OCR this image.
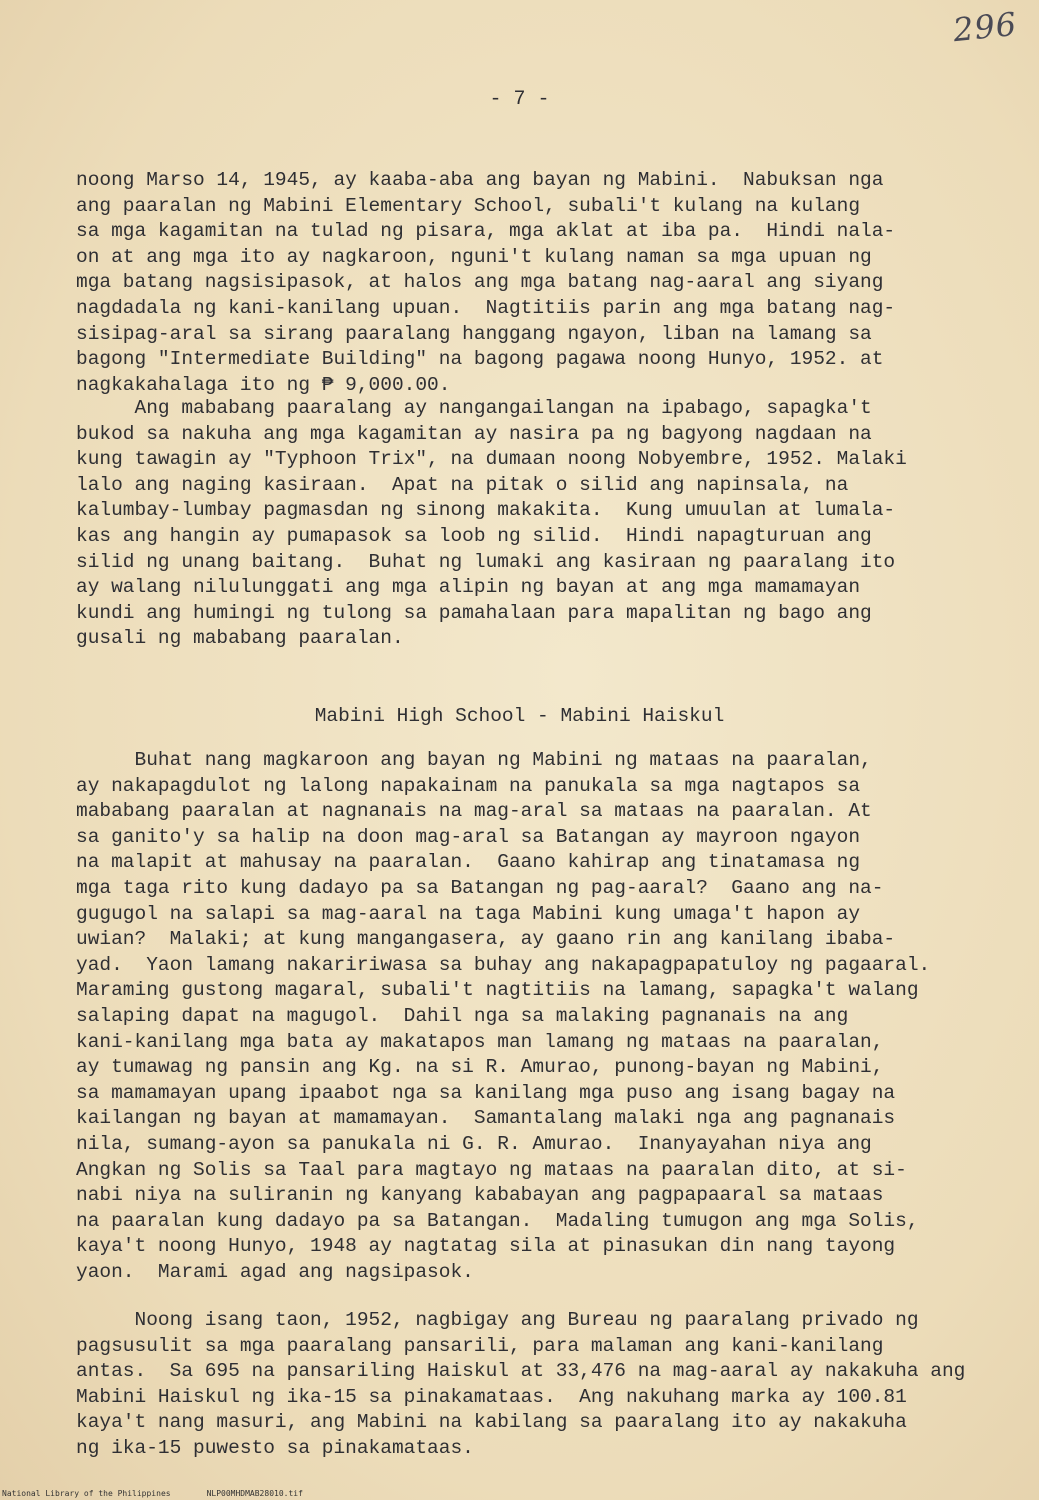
296
- 7 -

noong Marso 14, 1945, ay kaaba-aba ang bayan ng Mabini.  Nabuksan nga
ang paaralan ng Mabini Elementary School, subali't kulang na kulang
sa mga kagamitan na tulad ng pisara, mga aklat at iba pa.  Hindi nala-
on at ang mga ito ay nagkaroon, nguni't kulang naman sa mga upuan ng
mga batang nagsisipasok, at halos ang mga batang nag-aaral ang siyang
nagdadala ng kani-kanilang upuan.  Nagtitiis parin ang mga batang nag-
sisipag-aral sa sirang paaralang hanggang ngayon, liban na lamang sa
bagong "Intermediate Building" na bagong pagawa noong Hunyo, 1952. at
nagkakahalaga ito ng ₱ 9,000.00.

Ang mababang paaralang ay nangangailangan na ipabago, sapagka't
bukod sa nakuha ang mga kagamitan ay nasira pa ng bagyong nagdaan na
kung tawagin ay "Typhoon Trix", na dumaan noong Nobyembre, 1952. Malaki
lalo ang naging kasiraan.  Apat na pitak o silid ang napinsala, na
kalumbay-lumbay pagmasdan ng sinong makakita.  Kung umuulan at lumala-
kas ang hangin ay pumapasok sa loob ng silid.  Hindi napagturuan ang
silid ng unang baitang.  Buhat ng lumaki ang kasiraan ng paaralang ito
ay walang nilulunggati ang mga alipin ng bayan at ang mga mamamayan
kundi ang humingi ng tulong sa pamahalaan para mapalitan ng bago ang
gusali ng mababang paaralan.

Mabini High School - Mabini Haiskul

Buhat nang magkaroon ang bayan ng Mabini ng mataas na paaralan,
ay nakapagdulot ng lalong napakainam na panukala sa mga nagtapos sa
mababang paaralan at nagnanais na mag-aral sa mataas na paaralan. At
sa ganito'y sa halip na doon mag-aral sa Batangan ay mayroon ngayon
na malapit at mahusay na paaralan.  Gaano kahirap ang tinatamasa ng
mga taga rito kung dadayo pa sa Batangan ng pag-aaral?  Gaano ang na-
gugugol na salapi sa mag-aaral na taga Mabini kung umaga't hapon ay
uwian?  Malaki; at kung mangangasera, ay gaano rin ang kanilang ibaba-
yad.  Yaon lamang nakaririwasa sa buhay ang nakapagpapatuloy ng pagaaral.
Maraming gustong magaral, subali't nagtitiis na lamang, sapagka't walang
salaping dapat na magugol.  Dahil nga sa malaking pagnanais na ang
kani-kanilang mga bata ay makatapos man lamang ng mataas na paaralan,
ay tumawag ng pansin ang Kg. na si R. Amurao, punong-bayan ng Mabini,
sa mamamayan upang ipaabot nga sa kanilang mga puso ang isang bagay na
kailangan ng bayan at mamamayan.  Samantalang malaki nga ang pagnanais
nila, sumang-ayon sa panukala ni G. R. Amurao.  Inanyayahan niya ang
Angkan ng Solis sa Taal para magtayo ng mataas na paaralan dito, at si-
nabi niya na suliranin ng kanyang kababayan ang pagpapaaral sa mataas
na paaralan kung dadayo pa sa Batangan.  Madaling tumugon ang mga Solis,
kaya't noong Hunyo, 1948 ay nagtatag sila at pinasukan din nang tayong
yaon.  Marami agad ang nagsipasok.

Noong isang taon, 1952, nagbigay ang Bureau ng paaralang privado ng
pagsusulit sa mga paaralang pansarili, para malaman ang kani-kanilang
antas.  Sa 695 na pansariling Haiskul at 33,476 na mag-aaral ay nakakuha ang
Mabini Haiskul ng ika-15 sa pinakamataas.  Ang nakuhang marka ay 100.81
kaya't nang masuri, ang Mabini na kabilang sa paaralang ito ay nakakuha
ng ika-15 puwesto sa pinakamataas.

National Library of the Philippines	NLP00MHDMAB28010.tif
